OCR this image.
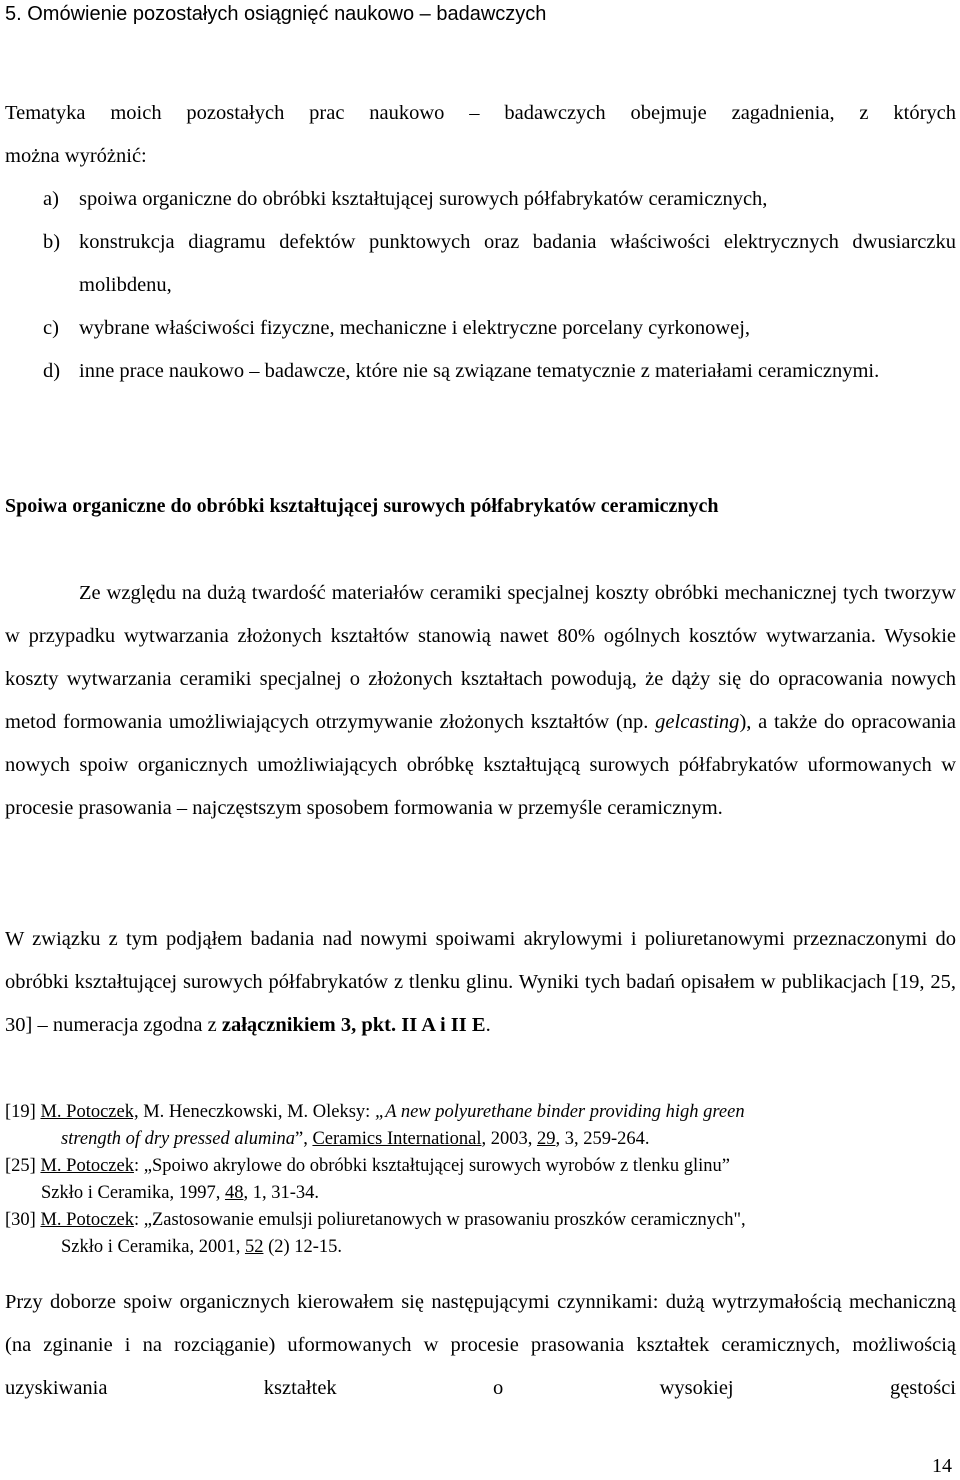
5. Omówienie pozostałych osiągnięć naukowo – badawczych
Tematyka moich pozostałych prac naukowo – badawczych obejmuje zagadnienia, z których
można wyróżnić:
a) spoiwa organiczne do obróbki kształtującej surowych półfabrykatów ceramicznych,
b) konstrukcja diagramu defektów punktowych oraz badania właściwości elektrycznych dwusiarczku molibdenu,
c) wybrane właściwości fizyczne, mechaniczne i elektryczne porcelany cyrkonowej,
d) inne prace naukowo – badawcze, które nie są związane tematycznie z materiałami ceramicznymi.
Spoiwa organiczne do obróbki kształtującej surowych półfabrykatów ceramicznych
Ze względu na dużą twardość materiałów ceramiki specjalnej koszty obróbki mechanicznej tych tworzyw w przypadku wytwarzania złożonych kształtów stanowią nawet 80% ogólnych kosztów wytwarzania. Wysokie koszty wytwarzania ceramiki specjalnej o złożonych kształtach powodują, że dąży się do opracowania nowych metod formowania umożliwiających otrzymywanie złożonych kształtów (np. gelcasting), a także do opracowania nowych spoiw organicznych umożliwiających obróbkę kształtującą surowych półfabrykatów uformowanych w procesie prasowania – najczęstszym sposobem formowania w przemyśle ceramicznym.
W związku z tym podjąłem badania nad nowymi spoiwami akrylowymi i poliuretanowymi przeznaczonymi do obróbki kształtującej surowych półfabrykatów z tlenku glinu. Wyniki tych badań opisałem w publikacjach [19, 25, 30] – numeracja zgodna z załącznikiem 3, pkt. II A i II E.
[19] M. Potoczek, M. Heneczkowski, M. Oleksy: „A new polyurethane binder providing high green
strength of dry pressed alumina”, Ceramics International, 2003, 29, 3, 259-264.
[25] M. Potoczek: „Spoiwo akrylowe do obróbki kształtującej surowych wyrobów z tlenku glinu”
Szkło i Ceramika, 1997, 48, 1, 31-34.
[30] M. Potoczek: „Zastosowanie emulsji poliuretanowych w prasowaniu proszków ceramicznych",
Szkło i Ceramika, 2001, 52 (2) 12-15.
Przy doborze spoiw organicznych kierowałem się następującymi czynnikami: dużą wytrzymałością mechaniczną (na zginanie i na rozciąganie) uformowanych w procesie prasowania kształtek ceramicznych, możliwością uzyskiwania kształtek o wysokiej gęstości
14
